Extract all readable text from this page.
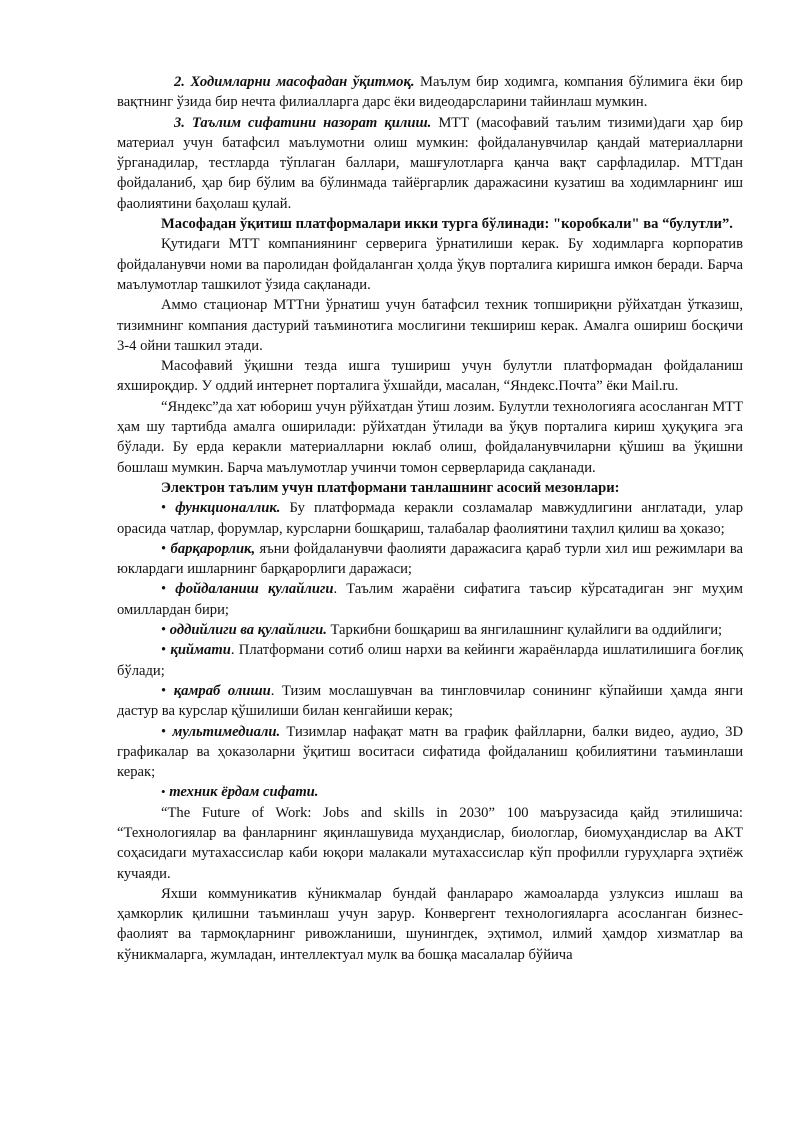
2. Ходимларни масофадан ўқитмоқ. Маълум бир ходимга, компания бўлимига ёки бир вақтнинг ўзида бир нечта филиалларга дарс ёки видеодарсларини тайинлаш мумкин.

3. Таълим сифатини назорат қилиш. МТТ (масофавий таълим тизими)даги ҳар бир материал учун батафсил маълумотни олиш мумкин: фойдаланувчилар қандай материалларни ўрганадилар, тестларда тўплаган баллари, машғулотларга қанча вақт сарфладилар. МТТдан фойдаланиб, ҳар бир бўлим ва бўлинмада тайёргарлик даражасини кузатиш ва ходимларнинг иш фаолиятини баҳолаш қулай.

Масофадан ўқитиш платформалари икки турга бўлинади: "коробкали" ва “булутли”.

Қутидаги МТТ компаниянинг серверига ўрнатилиши керак. Бу ходимларга корпоратив фойдаланувчи номи ва паролидан фойдаланган ҳолда ўқув порталига киришга имкон беради. Барча маълумотлар ташкилот ўзида сақланади.

Аммо стационар МТТни ўрнатиш учун батафсил техник топшириқни рўйхатдан ўтказиш, тизимнинг компания дастурий таъминотига мослигини текшириш керак. Амалга ошириш босқичи 3-4 ойни ташкил этади.

Масофавий ўқишни тезда ишга тушириш учун булутли платформадан фойдаланиш яхшироқдир. У оддий интернет порталига ўхшайди, масалан, “Яндекс.Почта” ёки Mail.ru.

“Яндекс”да хат юбориш учун рўйхатдан ўтиш лозим. Булутли технологияга асосланган МТТ ҳам шу тартибда амалга оширилади: рўйхатдан ўтилади ва ўқув порталига кириш ҳуқуқига эга бўлади. Бу ерда керакли материалларни юклаб олиш, фойдаланувчиларни қўшиш ва ўқишни бошлаш мумкин. Барча маълумотлар учинчи томон серверларида сақланади.

Электрон таълим учун платформани танлашнинг асосий мезонлари:

• функционаллик. Бу платформада керакли созламалар мавжудлигини англатади, улар орасида чатлар, форумлар, курсларни бошқариш, талабалар фаолиятини таҳлил қилиш ва ҳоказо;

• барқарорлик, яъни фойдаланувчи фаолияти даражасига қараб турли хил иш режимлари ва юклардаги ишларнинг барқарорлиги даражаси;

• фойдаланиш қулайлиги. Таълим жараёни сифатига таъсир кўрсатадиган энг муҳим омиллардан бири;

• оддийлиги ва қулайлиги. Таркибни бошқариш ва янгилашнинг қулайлиги ва оддийлиги;

• қиймати. Платформани сотиб олиш нархи ва кейинги жараёнларда ишлатилишига боғлиқ бўлади;

• қамраб олиши. Тизим мослашувчан ва тингловчилар сонининг кўпайиши ҳамда янги дастур ва курслар қўшилиши билан кенгайиши керак;

• мультимедиали. Тизимлар нафақат матн ва график файлларни, балки видео, аудио, 3D графикалар ва ҳоказоларни ўқитиш воситаси сифатида фойдаланиш қобилиятини таъминлаши керак;

• техник ёрдам сифати.

“The Future of Work: Jobs and skills in 2030” 100 маърузасида қайд этилишича: “Технологиялар ва фанларнинг яқинлашувида муҳандислар, биологлар, биомуҳандислар ва АКТ соҳасидаги мутахассислар каби юқори малакали мутахассислар кўп профилли гуруҳларга эҳтиёж кучаяди.

Яхши коммуникатив кўникмалар бундай фанлараро жамоаларда узлуксиз ишлаш ва ҳамкорлик қилишни таъминлаш учун зарур. Конвергент технологияларга асосланган бизнес-фаолият ва тармоқларнинг ривожланиши, шунингдек, эҳтимол, илмий ҳамдор хизматлар ва кўникмаларга, жумладан, интеллектуал мулк ва бошқа масалалар бўйича
